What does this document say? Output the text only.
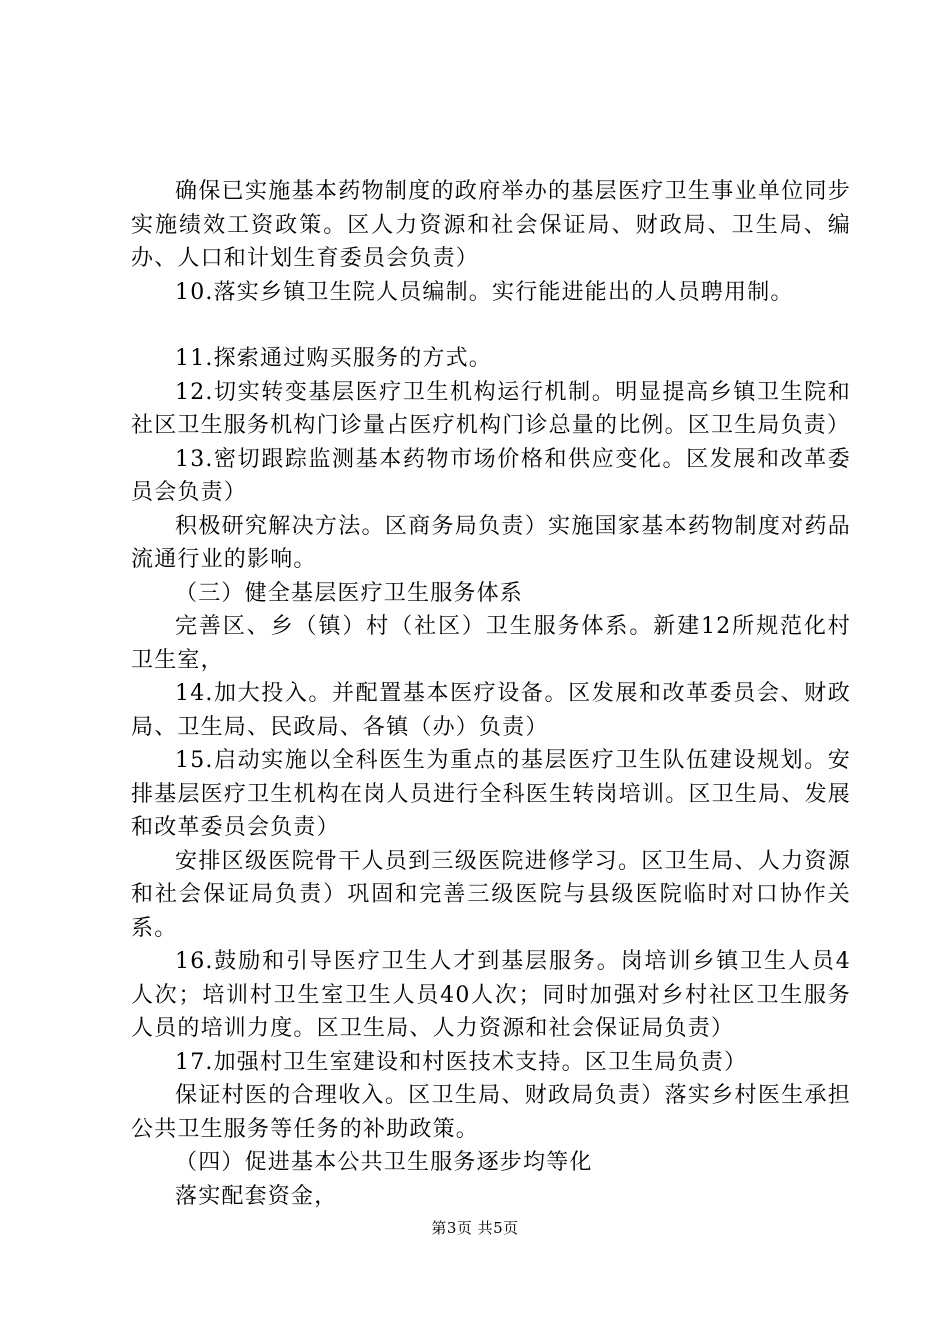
确保已实施基本药物制度的政府举办的基层医疗卫生事业单位同步实施绩效工资政策。区人力资源和社会保证局、财政局、卫生局、编办、人口和计划生育委员会负责）

10.落实乡镇卫生院人员编制。实行能进能出的人员聘用制。

11.探索通过购买服务的方式。

12.切实转变基层医疗卫生机构运行机制。明显提高乡镇卫生院和社区卫生服务机构门诊量占医疗机构门诊总量的比例。区卫生局负责）

13.密切跟踪监测基本药物市场价格和供应变化。区发展和改革委员会负责）

积极研究解决方法。区商务局负责）实施国家基本药物制度对药品流通行业的影响。

（三）健全基层医疗卫生服务体系

完善区、乡（镇）村（社区）卫生服务体系。新建12所规范化村卫生室，

14.加大投入。并配置基本医疗设备。区发展和改革委员会、财政局、卫生局、民政局、各镇（办）负责）

15.启动实施以全科医生为重点的基层医疗卫生队伍建设规划。安排基层医疗卫生机构在岗人员进行全科医生转岗培训。区卫生局、发展和改革委员会负责）

安排区级医院骨干人员到三级医院进修学习。区卫生局、人力资源和社会保证局负责）巩固和完善三级医院与县级医院临时对口协作关系。

16.鼓励和引导医疗卫生人才到基层服务。岗培训乡镇卫生人员4人次；培训村卫生室卫生人员40人次；同时加强对乡村社区卫生服务人员的培训力度。区卫生局、人力资源和社会保证局负责）

17.加强村卫生室建设和村医技术支持。区卫生局负责）

保证村医的合理收入。区卫生局、财政局负责）落实乡村医生承担公共卫生服务等任务的补助政策。

（四）促进基本公共卫生服务逐步均等化

落实配套资金，

第3页 共5页
